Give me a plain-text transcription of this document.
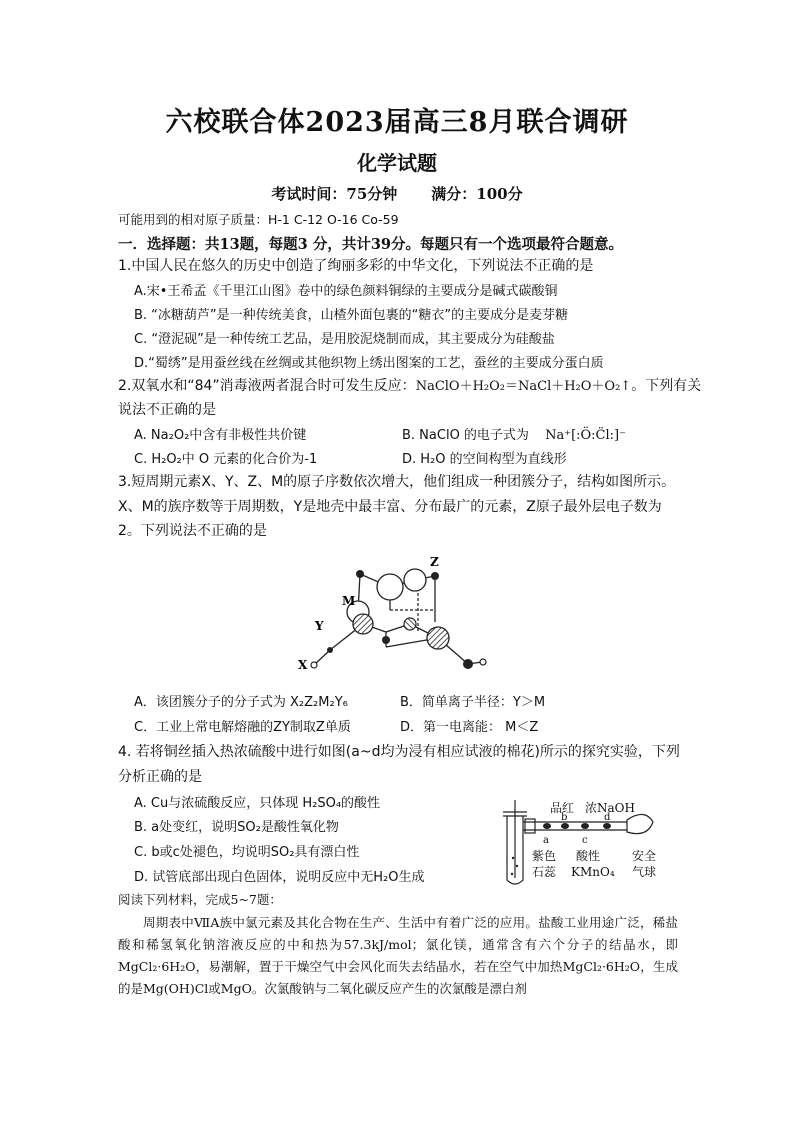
六校联合体2023届高三8月联合调研
化学试题
考试时间：75分钟 满分：100分
可能用到的相对原子质量：H-1 C-12 O-16 Co-59
一．选择题：共13题，每题3 分，共计39分。每题只有一个选项最符合题意。
1.中国人民在悠久的历史中创造了绚丽多彩的中华文化，下列说法不正确的是
A.宋•王希孟《千里江山图》卷中的绿色颜料铜绿的主要成分是碱式碳酸铜
B. “冰糖葫芦”是一种传统美食，山楂外面包裹的“糖衣”的主要成分是麦芽糖
C. “澄泥砚”是一种传统工艺品，是用胶泥烧制而成，其主要成分为硅酸盐
D.“蜀绣”是用蚕丝线在丝绸或其他织物上绣出图案的工艺，蚕丝的主要成分蛋白质
2.双氧水和“84”消毒液两者混合时可发生反应：NaClO＋H₂O₂＝NaCl＋H₂O＋O₂↑。下列有关
说法不正确的是
A. Na₂O₂中含有非极性共价键	B. NaClO 的电子式为 Na⁺[:Ö:C̈l:]⁻
C. H₂O₂中 O 元素的化合价为-1	D. H₂O 的空间构型为直线形
3.短周期元素X、Y、Z、M的原子序数依次增大，他们组成一种团簇分子，结构如图所示。
X、M的族序数等于周期数，Y是地壳中最丰富、分布最广的元素，Z原子最外层电子数为
2。下列说法不正确的是
Z
M
Y
X
A．该团簇分子的分子式为 X₂Z₂M₂Y₆	B．简单离子半径：Y＞M
C．工业上常电解熔融的ZY制取Z单质	D．第一电离能： M＜Z
4. 若将铜丝插入热浓硫酸中进行如图(a~d均为浸有相应试液的棉花)所示的探究实验，下列
分析正确的是
A. Cu与浓硫酸反应，只体现 H₂SO₄的酸性
B. a处变红，说明SO₂是酸性氧化物
C. b或c处褪色，均说明SO₂具有漂白性
D. 试管底部出现白色固体，说明反应中无H₂O生成
品红 浓NaOH
b	d
a	c
紫色
石蕊
酸性
KMnO₄
安全
气球
阅读下列材料，完成5~7题：
周期表中ⅦA族中氯元素及其化合物在生产、生活中有着广泛的应用。盐酸工业用途广泛，稀盐酸和稀氢氧化钠溶液反应的中和热为57.3kJ/mol；氯化镁，通常含有六个分子的结晶水，即MgCl₂·6H₂O，易潮解，置于干燥空气中会风化而失去结晶水，若在空气中加热MgCl₂·6H₂O，生成的是Mg(OH)Cl或MgO。次氯酸钠与二氧化碳反应产生的次氯酸是漂白剂
